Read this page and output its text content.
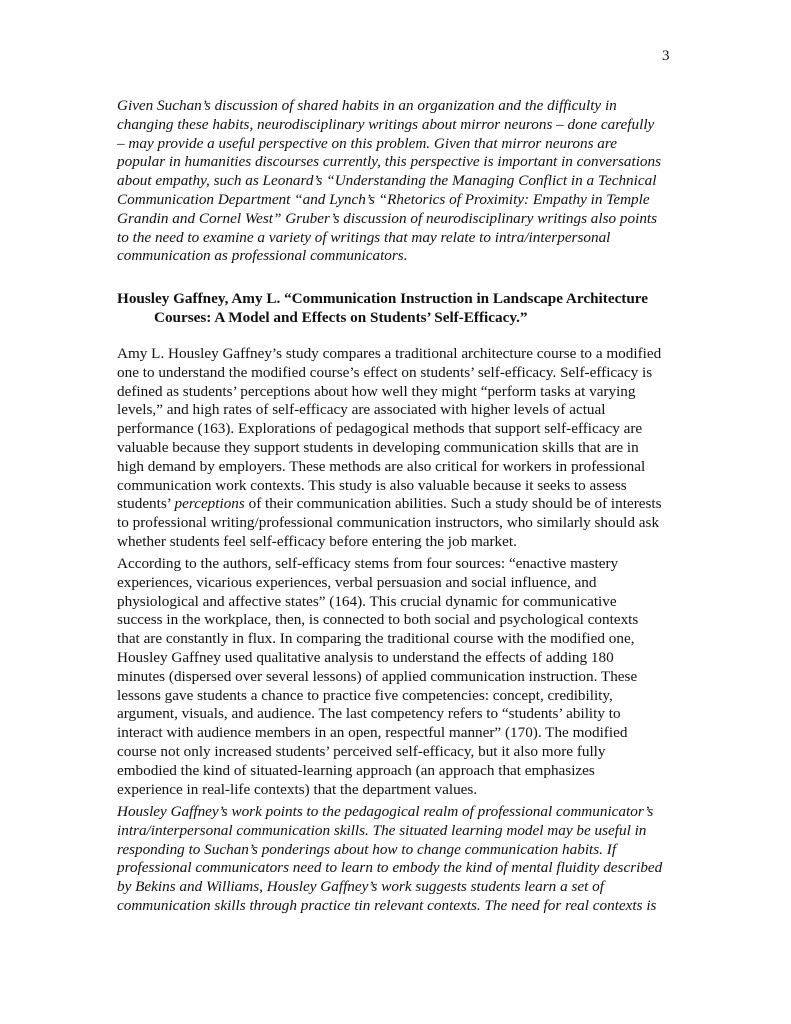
3

Given Suchan’s discussion of shared habits in an organization and the difficulty in
changing these habits, neurodisciplinary writings about mirror neurons – done carefully
– may provide a useful perspective on this problem. Given that mirror neurons are
popular in humanities discourses currently, this perspective is important in conversations
about empathy, such as Leonard’s “Understanding the Managing Conflict in a Technical
Communication Department “and Lynch’s “Rhetorics of Proximity: Empathy in Temple
Grandin and Cornel West” Gruber’s discussion of neurodisciplinary writings also points
to the need to examine a variety of writings that may relate to intra/interpersonal
communication as professional communicators.

Housley Gaffney, Amy L. “Communication Instruction in Landscape Architecture
Courses: A Model and Effects on Students’ Self-Efficacy.”

Amy L. Housley Gaffney’s study compares a traditional architecture course to a modified
one to understand the modified course’s effect on students’ self-efficacy. Self-efficacy is
defined as students’ perceptions about how well they might “perform tasks at varying
levels,” and high rates of self-efficacy are associated with higher levels of actual
performance (163). Explorations of pedagogical methods that support self-efficacy are
valuable because they support students in developing communication skills that are in
high demand by employers. These methods are also critical for workers in professional
communication work contexts. This study is also valuable because it seeks to assess
students’ perceptions of their communication abilities. Such a study should be of interests
to professional writing/professional communication instructors, who similarly should ask
whether students feel self-efficacy before entering the job market.

According to the authors, self-efficacy stems from four sources: “enactive mastery
experiences, vicarious experiences, verbal persuasion and social influence, and
physiological and affective states” (164). This crucial dynamic for communicative
success in the workplace, then, is connected to both social and psychological contexts
that are constantly in flux. In comparing the traditional course with the modified one,
Housley Gaffney used qualitative analysis to understand the effects of adding 180
minutes (dispersed over several lessons) of applied communication instruction. These
lessons gave students a chance to practice five competencies: concept, credibility,
argument, visuals, and audience. The last competency refers to “students’ ability to
interact with audience members in an open, respectful manner” (170). The modified
course not only increased students’ perceived self-efficacy, but it also more fully
embodied the kind of situated-learning approach (an approach that emphasizes
experience in real-life contexts) that the department values.

Housley Gaffney’s work points to the pedagogical realm of professional communicator’s
intra/interpersonal communication skills. The situated learning model may be useful in
responding to Suchan’s ponderings about how to change communication habits. If
professional communicators need to learn to embody the kind of mental fluidity described
by Bekins and Williams, Housley Gaffney’s work suggests students learn a set of
communication skills through practice tin relevant contexts. The need for real contexts is
